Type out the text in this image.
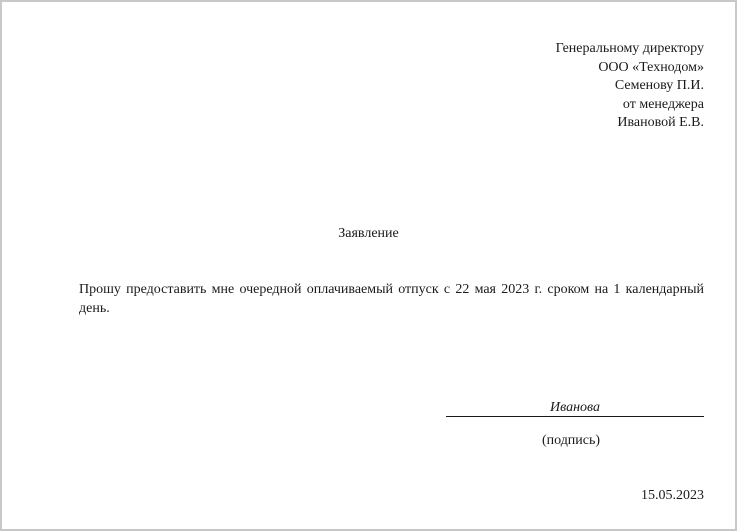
Генеральному директору
ООО «Технодом»
Семенову П.И.
от менеджера
Ивановой Е.В.
Заявление
Прошу предоставить мне очередной оплачиваемый отпуск с 22 мая 2023 г. сроком на 1 календарный день.
Иванова
(подпись)
15.05.2023
